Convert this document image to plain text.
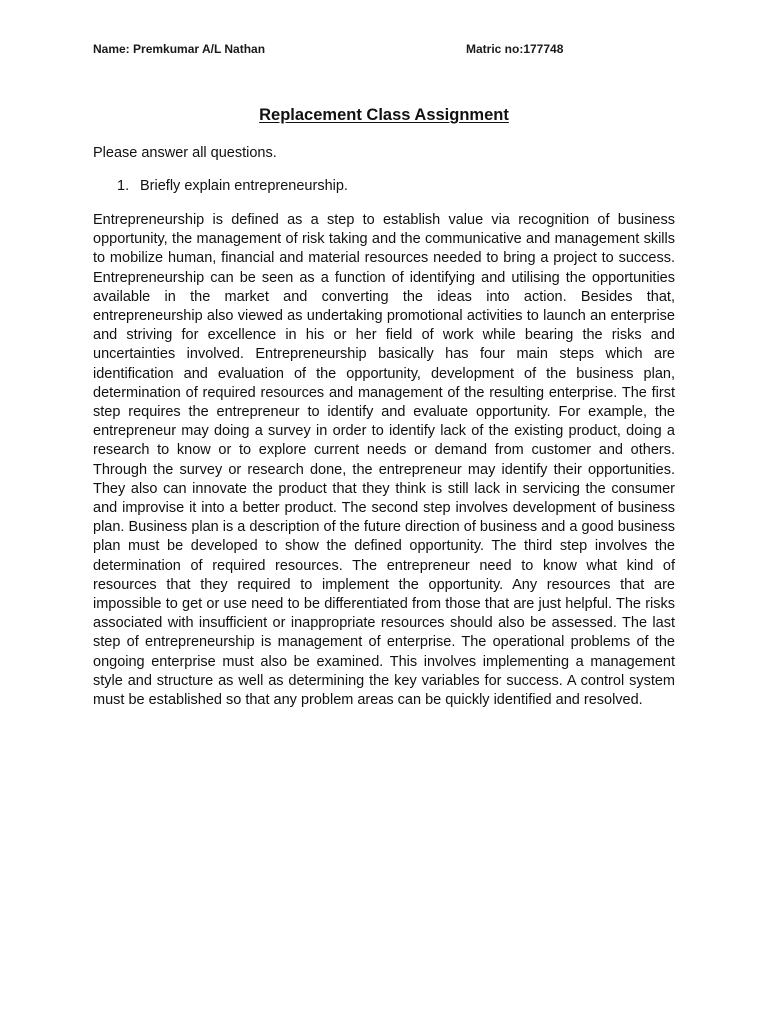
Name: Premkumar A/L Nathan	Matric no:177748
Replacement Class Assignment
Please answer all questions.
1. Briefly explain entrepreneurship.

Entrepreneurship is defined as a step to establish value via recognition of business opportunity, the management of risk taking and the communicative and management skills to mobilize human, financial and material resources needed to bring a project to success. Entrepreneurship can be seen as a function of identifying and utilising the opportunities available in the market and converting the ideas into action. Besides that, entrepreneurship also viewed as undertaking promotional activities to launch an enterprise and striving for excellence in his or her field of work while bearing the risks and uncertainties involved. Entrepreneurship basically has four main steps which are identification and evaluation of the opportunity, development of the business plan, determination of required resources and management of the resulting enterprise. The first step requires the entrepreneur to identify and evaluate opportunity. For example, the entrepreneur may doing a survey in order to identify lack of the existing product, doing a research to know or to explore current needs or demand from customer and others. Through the survey or research done, the entrepreneur may identify their opportunities. They also can innovate the product that they think is still lack in servicing the consumer and improvise it into a better product. The second step involves development of business plan. Business plan is a description of the future direction of business and a good business plan must be developed to show the defined opportunity. The third step involves the determination of required resources. The entrepreneur need to know what kind of resources that they required to implement the opportunity. Any resources that are impossible to get or use need to be differentiated from those that are just helpful. The risks associated with insufficient or inappropriate resources should also be assessed. The last step of entrepreneurship is management of enterprise. The operational problems of the ongoing enterprise must also be examined. This involves implementing a management style and structure as well as determining the key variables for success. A control system must be established so that any problem areas can be quickly identified and resolved.
